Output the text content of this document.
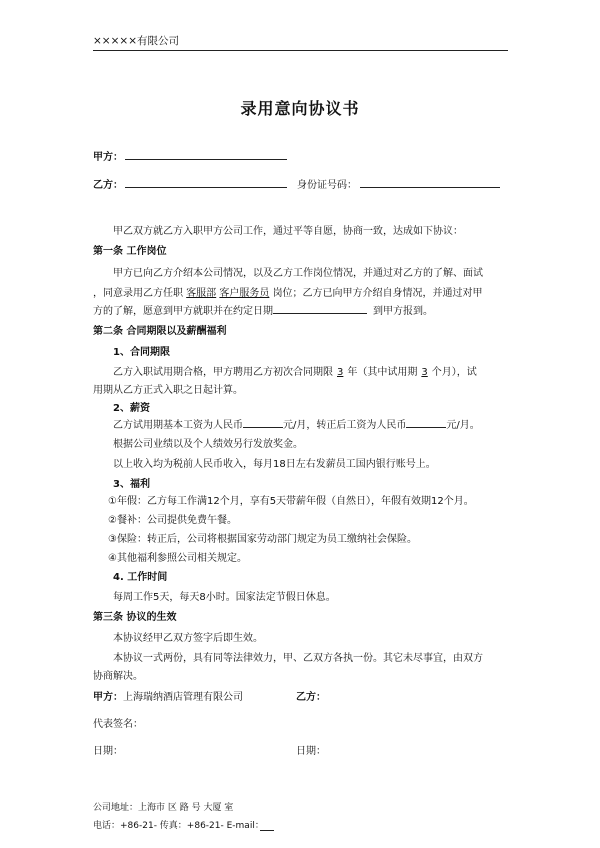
×××××有限公司
录用意向协议书
甲方：
乙方：	身份证号码：
甲乙双方就乙方入职甲方公司工作，通过平等自愿，协商一致，达成如下协议：
第一条 工作岗位
甲方已向乙方介绍本公司情况，以及乙方工作岗位情况，并通过对乙方的了解、面试
，同意录用乙方任职 客服部 客户服务员 岗位；乙方已向甲方介绍自身情况，并通过对甲
方的了解，愿意到甲方就职并在约定日期	到甲方报到。
第二条 合同期限以及薪酬福利
1、合同期限
乙方入职试用期合格，甲方聘用乙方初次合同期限 3 年（其中试用期 3 个月），试
用期从乙方正式入职之日起计算。
2、薪资
乙方试用期基本工资为人民币	元/月，转正后工资为人民币	元/月。
根据公司业绩以及个人绩效另行发放奖金。
以上收入均为税前人民币收入，每月18日左右发薪员工国内银行账号上。
3、福利
①年假：乙方每工作满12个月，享有5天带薪年假（自然日），年假有效期12个月。
②餐补：公司提供免费午餐。
③保险：转正后，公司将根据国家劳动部门规定为员工缴纳社会保险。
④其他福利参照公司相关规定。
4. 工作时间
每周工作5天，每天8小时。国家法定节假日休息。
第三条 协议的生效
本协议经甲乙双方签字后即生效。
本协议一式两份，具有同等法律效力，甲、乙双方各执一份。其它未尽事宜，由双方
协商解决。
甲方：上海瑞纳酒店管理有限公司	乙方：
代表签名：
日期：	日期：
公司地址：上海市 区 路 号 大厦 室
电话：+86-21- 传真：+86-21- E-mail：
